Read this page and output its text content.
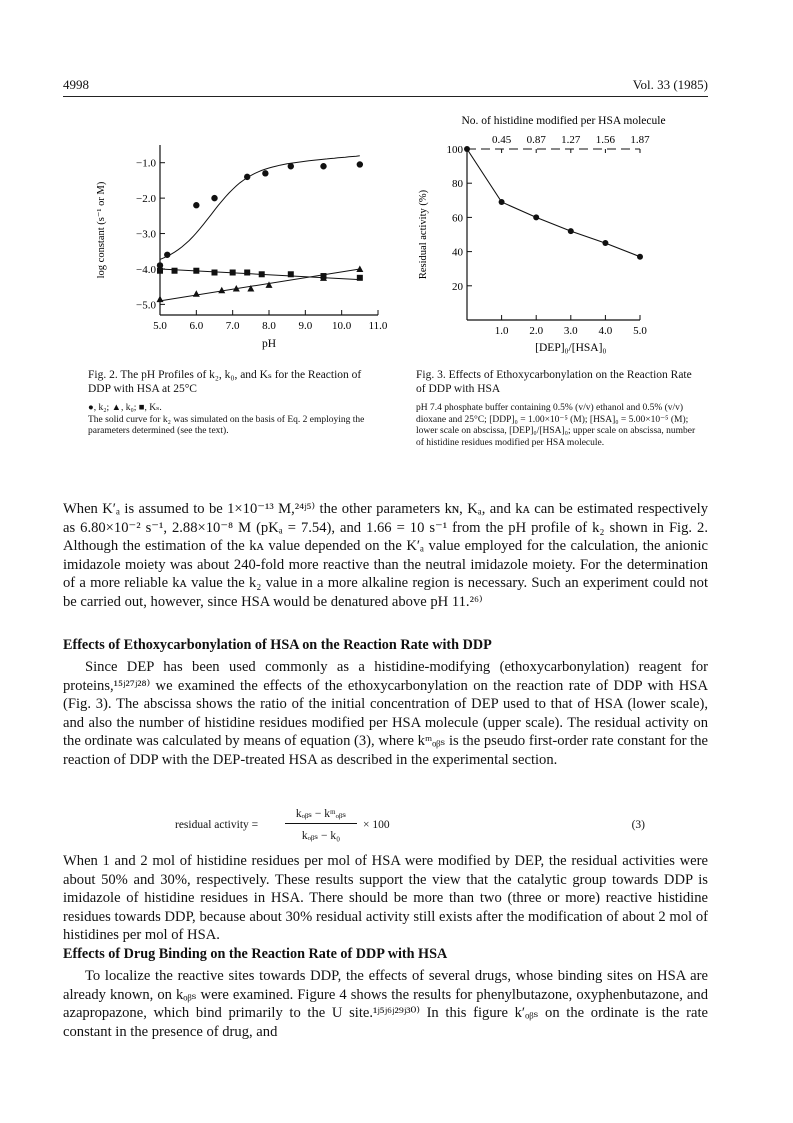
4998	Vol. 33 (1985)
−1.0
−2.0
−3.0
−4.0
−5.0
5.0 6.0 7.0 8.0 9.0 10.0 11.0
pH
log constant (s⁻¹ or M)
Fig. 2. The pH Profiles of k₂, k₀, and Kₛ for the Reaction of DDP with HSA at 25°C
●, k₂; ▲, k₀; ■, Kₛ.
The solid curve for k₂ was simulated on the basis of Eq. 2 employing the parameters determined (see the text).
No. of histidine modified per HSA molecule
0.45 0.87 1.27 1.56 1.87
100
80
60
40
20
1.0 2.0 3.0 4.0 5.0
[DEP]₀/[HSA]₀
Residual activity (%)
Fig. 3. Effects of Ethoxycarbonylation on the Reaction Rate of DDP with HSA
pH 7.4 phosphate buffer containing 0.5% (v/v) ethanol and 0.5% (v/v) dioxane and 25°C; [DDP]₀ = 1.00×10⁻⁵ (M); [HSA]₀ = 5.00×10⁻⁵ (M); lower scale on abscissa, [DEP]₀/[HSA]₀; upper scale on abscissa, number of histidine residues modified per HSA molecule.

When K′ₐ is assumed to be 1×10⁻¹³ M,²⁴ʲ⁵⁾ the other parameters kɴ, Kₐ, and kᴀ can be estimated respectively as 6.80×10⁻² s⁻¹, 2.88×10⁻⁸ M (pKₐ = 7.54), and 1.66 = 10 s⁻¹ from the pH profile of k₂ shown in Fig. 2. Although the estimation of the kᴀ value depended on the K′ₐ value employed for the calculation, the anionic imidazole moiety was about 240-fold more reactive than the neutral imidazole moiety. For the determination of a more reliable kᴀ value the k₂ value in a more alkaline region is necessary. Such an experiment could not be carried out, however, since HSA would be denatured above pH 11.²⁶⁾

Effects of Ethoxycarbonylation of HSA on the Reaction Rate with DDP

Since DEP has been used commonly as a histidine-modifying (ethoxycarbonylation) reagent for proteins,¹⁵ʲ²⁷ʲ²⁸⁾ we examined the effects of the ethoxycarbonylation on the reaction rate of DDP with HSA (Fig. 3). The abscissa shows the ratio of the initial concentration of DEP used to that of HSA (lower scale), and also the number of histidine residues modified per HSA molecule (upper scale). The residual activity on the ordinate was calculated by means of equation (3), where kᵐₒᵦₛ is the pseudo first-order rate constant for the reaction of DDP with the DEP-treated HSA as described in the experimental section.

residual activity =
kₒᵦₛ − kᵐₒᵦₛ
kₒᵦₛ − k₀
× 100	(3)

When 1 and 2 mol of histidine residues per mol of HSA were modified by DEP, the residual activities were about 50% and 30%, respectively. These results support the view that the catalytic group towards DDP is imidazole of histidine residues in HSA. There should be more than two (three or more) reactive histidine residues towards DDP, because about 30% residual activity still exists after the modification of about 2 mol of histidines per mol of HSA.

Effects of Drug Binding on the Reaction Rate of DDP with HSA

To localize the reactive sites towards DDP, the effects of several drugs, whose binding sites on HSA are already known, on kₒᵦₛ were examined. Figure 4 shows the results for phenylbutazone, oxyphenbutazone, and azapropazone, which bind primarily to the U site.¹ʲ⁵ʲ⁶ʲ²⁹ʲ³⁰⁾ In this figure k′ₒᵦₛ on the ordinate is the rate constant in the presence of drug, and
